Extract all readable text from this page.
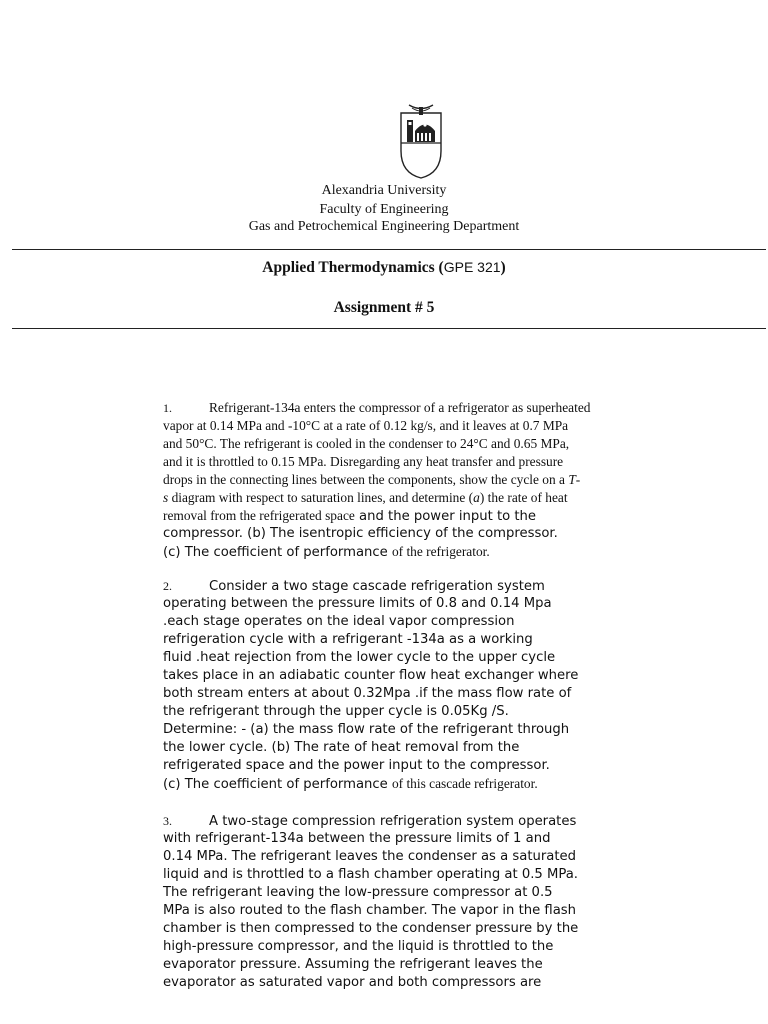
Alexandria University
Faculty of Engineering
Gas and Petrochemical Engineering Department
Applied Thermodynamics (GPE 321)
Assignment # 5
1.	Refrigerant-134a enters the compressor of a refrigerator as superheated
vapor at 0.14 MPa and -10°C at a rate of 0.12 kg/s, and it leaves at 0.7 MPa
and 50°C. The refrigerant is cooled in the condenser to 24°C and 0.65 MPa,
and it is throttled to 0.15 MPa. Disregarding any heat transfer and pressure
drops in the connecting lines between the components, show the cycle on a T-
s diagram with respect to saturation lines, and determine (a) the rate of heat
removal from the refrigerated space and the power input to the
compressor. (b) The isentropic efficiency of the compressor.
(c) The coefficient of performance of the refrigerator.
2.	Consider a two stage cascade refrigeration system
operating between the pressure limits of 0.8 and 0.14 Mpa
.each stage operates on the ideal vapor compression
refrigeration cycle with a refrigerant -134a as a working
fluid .heat rejection from the lower cycle to the upper cycle
takes place in an adiabatic counter flow heat exchanger where
both stream enters at about 0.32Mpa .if the mass flow rate of
the refrigerant through the upper cycle is 0.05Kg /S.
Determine: - (a) the mass flow rate of the refrigerant through
the lower cycle. (b) The rate of heat removal from the
refrigerated space and the power input to the compressor.
(c) The coefficient of performance of this cascade refrigerator.
3.	A two-stage compression refrigeration system operates
with refrigerant-134a between the pressure limits of 1 and
0.14 MPa. The refrigerant leaves the condenser as a saturated
liquid and is throttled to a flash chamber operating at 0.5 MPa.
The refrigerant leaving the low-pressure compressor at 0.5
MPa is also routed to the flash chamber. The vapor in the flash
chamber is then compressed to the condenser pressure by the
high-pressure compressor, and the liquid is throttled to the
evaporator pressure. Assuming the refrigerant leaves the
evaporator as saturated vapor and both compressors are
